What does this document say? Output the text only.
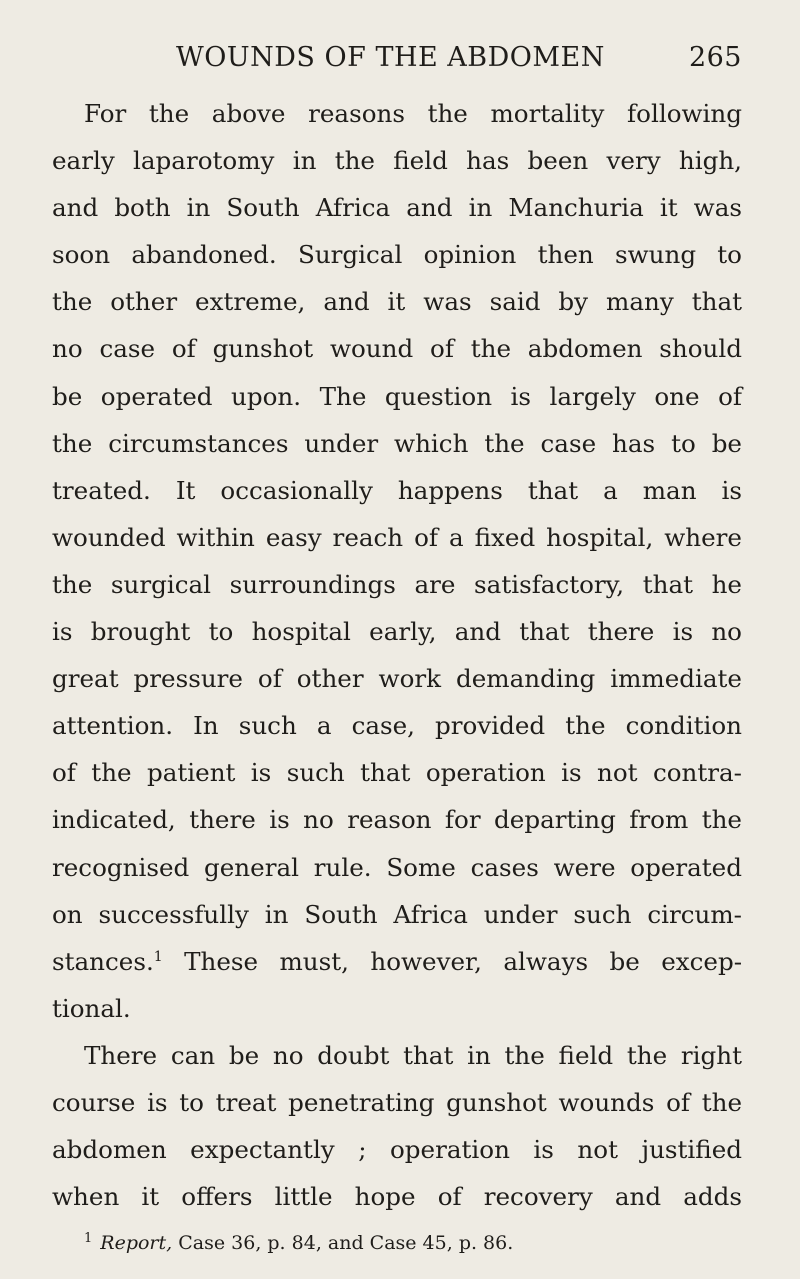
WOUNDS OF THE ABDOMEN	265
For the above reasons the mortality following
early laparotomy in the field has been very high,
and both in South Africa and in Manchuria it was
soon abandoned. Surgical opinion then swung to
the other extreme, and it was said by many that
no case of gunshot wound of the abdomen should
be operated upon. The question is largely one of
the circumstances under which the case has to be
treated. It occasionally happens that a man is
wounded within easy reach of a fixed hospital, where
the surgical surroundings are satisfactory, that he
is brought to hospital early, and that there is no
great pressure of other work demanding immediate
attention. In such a case, provided the condition
of the patient is such that operation is not contra-
indicated, there is no reason for departing from the
recognised general rule. Some cases were operated
on successfully in South Africa under such circum-
stances.$^1$ These must, however, always be excep-
tional.
There can be no doubt that in the field the right
course is to treat penetrating gunshot wounds of the
abdomen expectantly ; operation is not justified
when it offers little hope of recovery and adds
$^1$ Report, Case 36, p. 84, and Case 45, p. 86.
